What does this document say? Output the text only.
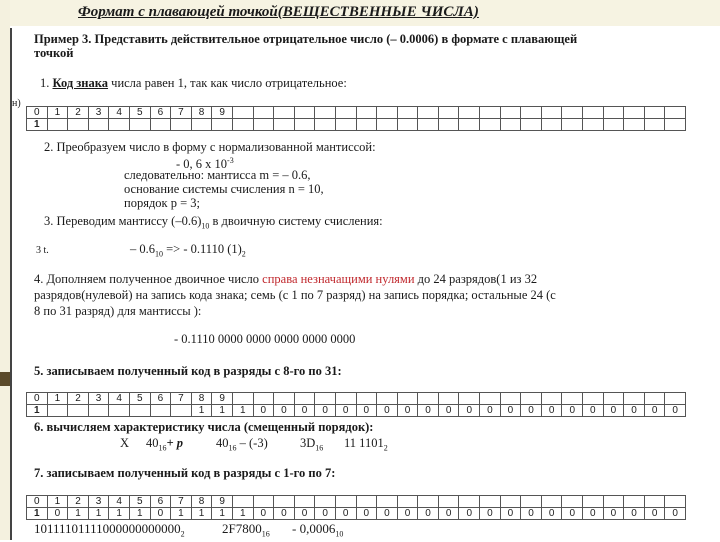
Формат с плавающей точкой(ВЕЩЕСТВЕННЫЕ ЧИСЛА)
Пример 3. Представить действительное отрицательное число (– 0.0006) в формате с плавающей
точкой
1. Код знака числа равен 1, так как число отрицательное:
н)
0	1	2	3	4	5	6	7	8	9																						
1																															
2. Преобразуем число в форму с нормализованной мантиссой:
- 0, 6 х $10^{-3}$
следовательно: мантисса m = – 0.6,
основание системы счисления n = 10,
порядок p = 3;
3. Переводим мантиссу $(-0.6)_{10}$ в двоичную систему счисления:
3 t.	– $0.6_{10}$ => - 0.1110 $(1)_2$
4. Дополняем полученное двоичное число справа незначащими нулями до 24 разрядов(1 из 32
разрядов(нулевой) на запись кода знака; семь (с 1 по 7 разряд) на запись порядка; остальные 24 (с
8 по 31 разряд) для мантиссы ):
- 0.1110 0000 0000 0000 0000 0000
5. записываем полученный код в разряды с 8-го по 31:
0	1	2	3	4	5	6	7	8	9																						
1								1	1	1	0	0	0	0	0	0	0	0	0	0	0	0	0	0	0	0	0	0	0	0	0
6. вычисляем характеристику числа (смещенный порядок):
X $40_{16}+ p$	$40_{16} - (-3)$	$3D_{16}$ 11 $1101_2$
7. записываем полученный код в разряды с 1-го по 7:
0	1	2	3	4	5	6	7	8	9																						
1	0	1	1	1	1	0	1	1	1	1	0	0	0	0	0	0	0	0	0	0	0	0	0	0	0	0	0	0	0	0	0
$10111101111000000000000_2$	$2F7800_{16} - 0,0006_{10}$
